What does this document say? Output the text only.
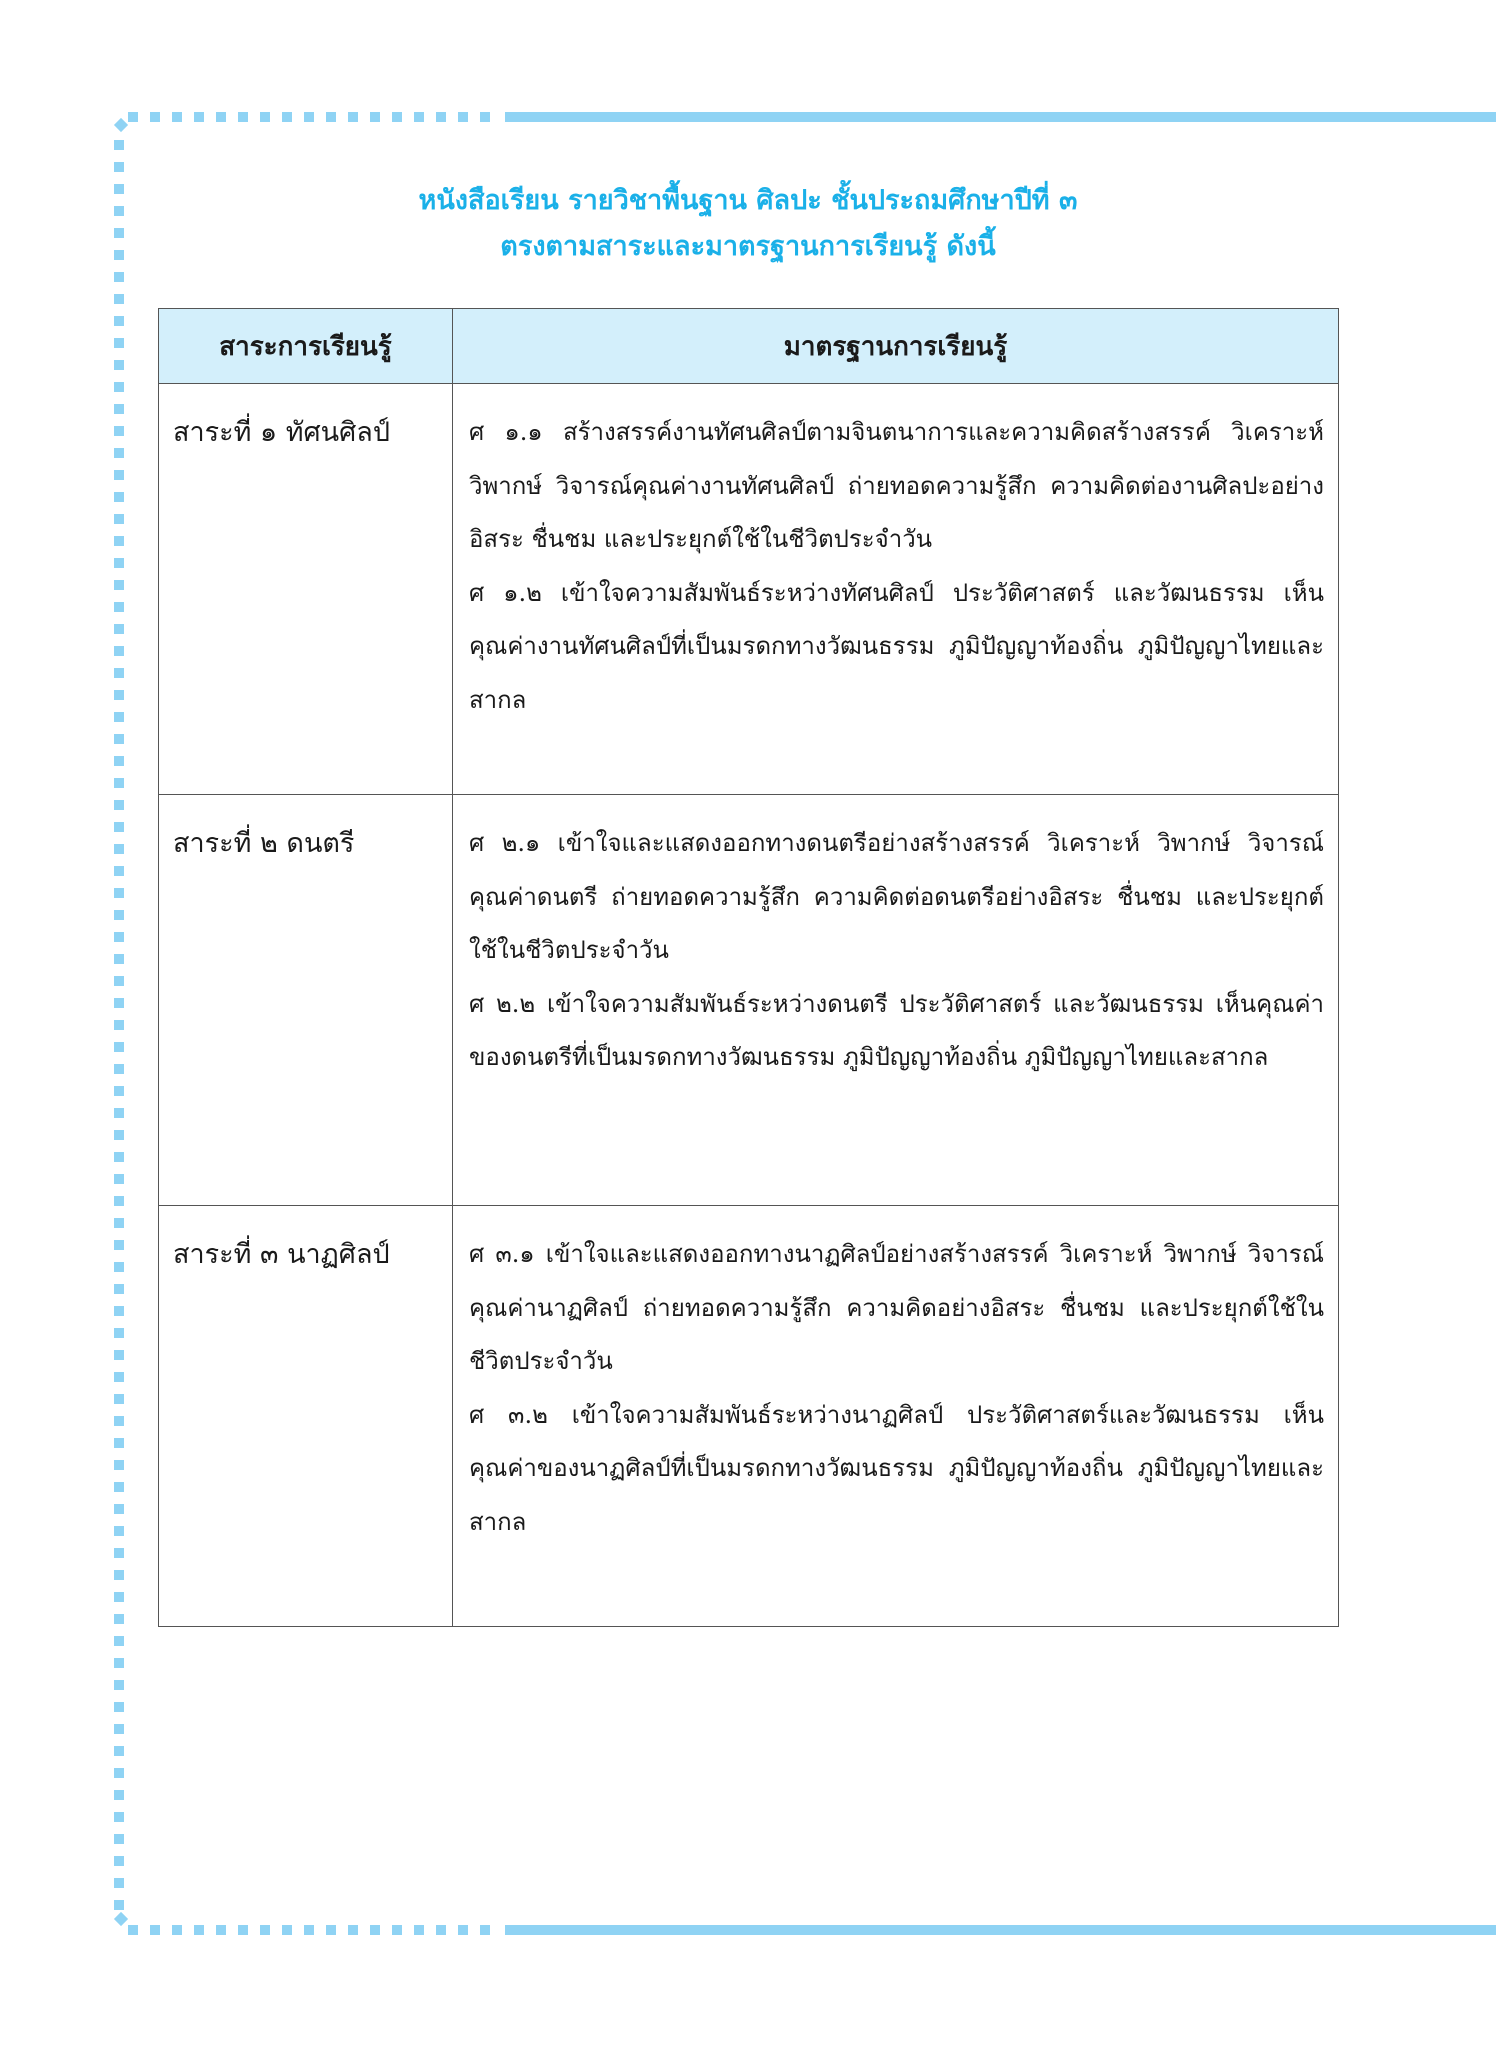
หนังสือเรียน รายวิชาพื้นฐาน ศิลปะ ชั้นประถมศึกษาปีที่ ๓
ตรงตามสาระและมาตรฐานการเรียนรู้ ดังนี้
สาระการเรียนรู้	มาตรฐานการเรียนรู้
สาระที่ ๑ ทัศนศิลป์	ศ ๑.๑ สร้างสรรค์งานทัศนศิลป์ตามจินตนาการและความคิดสร้างสรรค์ วิเคราะห์ วิพากษ์ วิจารณ์คุณค่างานทัศนศิลป์ ถ่ายทอดความรู้สึก ความคิดต่องานศิลปะอย่างอิสระ ชื่นชม และประยุกต์ใช้ในชีวิตประจำวัน

ศ ๑.๒ เข้าใจความสัมพันธ์ระหว่างทัศนศิลป์ ประวัติศาสตร์ และวัฒนธรรม เห็นคุณค่างานทัศนศิลป์ที่เป็นมรดกทางวัฒนธรรม ภูมิปัญญาท้องถิ่น ภูมิปัญญาไทยและสากล

สาระที่ ๒ ดนตรี	ศ ๒.๑ เข้าใจและแสดงออกทางดนตรีอย่างสร้างสรรค์ วิเคราะห์ วิพากษ์ วิจารณ์คุณค่าดนตรี ถ่ายทอดความรู้สึก ความคิดต่อดนตรีอย่างอิสระ ชื่นชม และประยุกต์ใช้ในชีวิตประจำวัน

ศ ๒.๒ เข้าใจความสัมพันธ์ระหว่างดนตรี ประวัติศาสตร์ และวัฒนธรรม เห็นคุณค่าของดนตรีที่เป็นมรดกทางวัฒนธรรม ภูมิปัญญาท้องถิ่น ภูมิปัญญาไทยและสากล

สาระที่ ๓ นาฏศิลป์	ศ ๓.๑ เข้าใจและแสดงออกทางนาฏศิลป์อย่างสร้างสรรค์ วิเคราะห์ วิพากษ์ วิจารณ์คุณค่านาฏศิลป์ ถ่ายทอดความรู้สึก ความคิดอย่างอิสระ ชื่นชม และประยุกต์ใช้ในชีวิตประจำวัน

ศ ๓.๒ เข้าใจความสัมพันธ์ระหว่างนาฏศิลป์ ประวัติศาสตร์และวัฒนธรรม เห็นคุณค่าของนาฏศิลป์ที่เป็นมรดกทางวัฒนธรรม ภูมิปัญญาท้องถิ่น ภูมิปัญญาไทยและสากล
